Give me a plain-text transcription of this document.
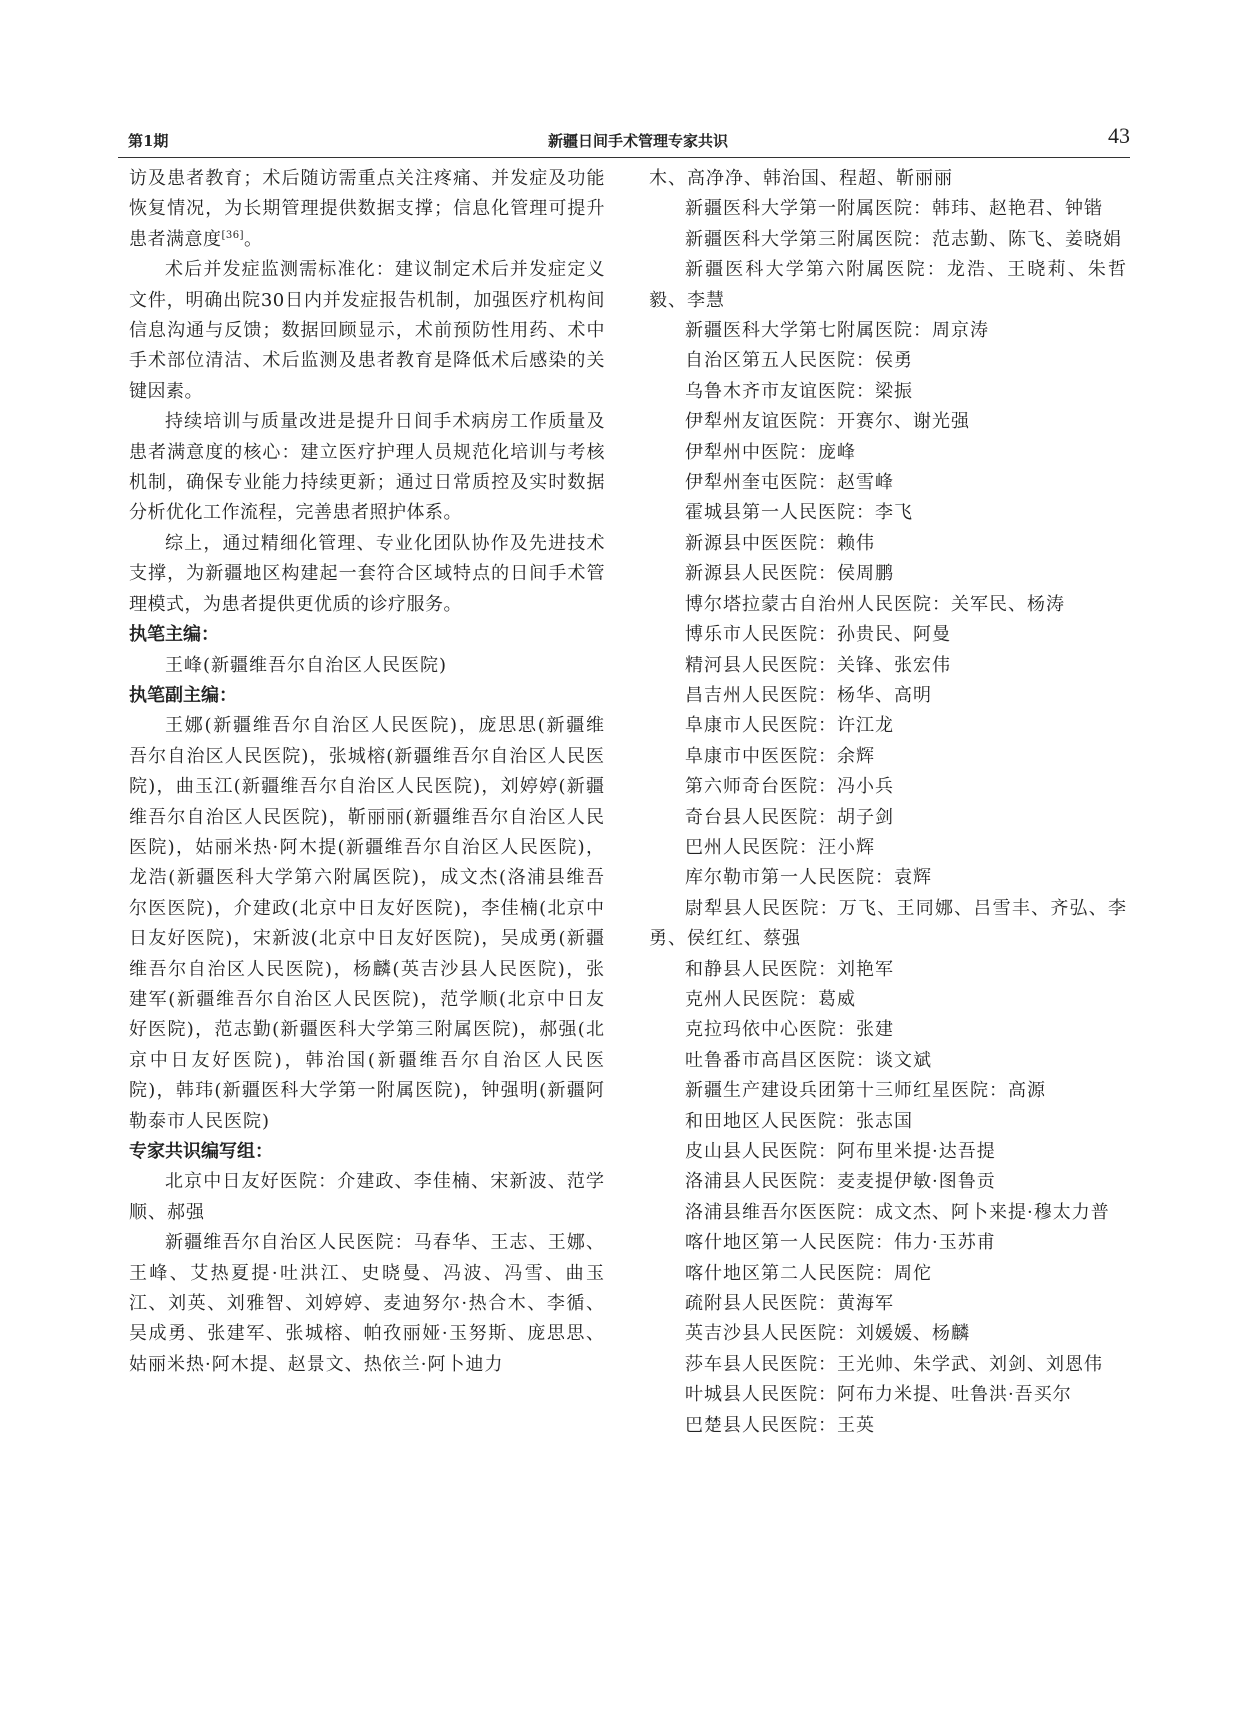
第1期	新疆日间手术管理专家共识	43

访及患者教育；术后随访需重点关注疼痛、并发症及功能恢复情况，为长期管理提供数据支撑；信息化管理可提升患者满意度[36]。

术后并发症监测需标准化：建议制定术后并发症定义文件，明确出院30日内并发症报告机制，加强医疗机构间信息沟通与反馈；数据回顾显示，术前预防性用药、术中手术部位清洁、术后监测及患者教育是降低术后感染的关键因素。

持续培训与质量改进是提升日间手术病房工作质量及患者满意度的核心：建立医疗护理人员规范化培训与考核机制，确保专业能力持续更新；通过日常质控及实时数据分析优化工作流程，完善患者照护体系。

综上，通过精细化管理、专业化团队协作及先进技术支撑，为新疆地区构建起一套符合区域特点的日间手术管理模式，为患者提供更优质的诊疗服务。

执笔主编：

王峰(新疆维吾尔自治区人民医院)

执笔副主编：

王娜(新疆维吾尔自治区人民医院)，庞思思(新疆维吾尔自治区人民医院)，张城榕(新疆维吾尔自治区人民医院)，曲玉江(新疆维吾尔自治区人民医院)，刘婷婷(新疆维吾尔自治区人民医院)，靳丽丽(新疆维吾尔自治区人民医院)，姑丽米热·阿木提(新疆维吾尔自治区人民医院)，龙浩(新疆医科大学第六附属医院)，成文杰(洛浦县维吾尔医医院)，介建政(北京中日友好医院)，李佳楠(北京中日友好医院)，宋新波(北京中日友好医院)，吴成勇(新疆维吾尔自治区人民医院)，杨麟(英吉沙县人民医院)，张建军(新疆维吾尔自治区人民医院)，范学顺(北京中日友好医院)，范志勤(新疆医科大学第三附属医院)，郝强(北京中日友好医院)，韩治国(新疆维吾尔自治区人民医院)，韩玮(新疆医科大学第一附属医院)，钟强明(新疆阿勒泰市人民医院)

专家共识编写组：

北京中日友好医院：介建政、李佳楠、宋新波、范学顺、郝强

新疆维吾尔自治区人民医院：马春华、王志、王娜、王峰、艾热夏提·吐洪江、史晓曼、冯波、冯雪、曲玉江、刘英、刘雅智、刘婷婷、麦迪努尔·热合木、李循、吴成勇、张建军、张城榕、帕孜丽娅·玉努斯、庞思思、姑丽米热·阿木提、赵景文、热依兰·阿卜迪力

木、高净净、韩治国、程超、靳丽丽

新疆医科大学第一附属医院：韩玮、赵艳君、钟锴

新疆医科大学第三附属医院：范志勤、陈飞、姜晓娟

新疆医科大学第六附属医院：龙浩、王晓莉、朱哲毅、李慧

新疆医科大学第七附属医院：周京涛

自治区第五人民医院：侯勇

乌鲁木齐市友谊医院：梁振

伊犁州友谊医院：开赛尔、谢光强

伊犁州中医院：庞峰

伊犁州奎屯医院：赵雪峰

霍城县第一人民医院：李飞

新源县中医医院：赖伟

新源县人民医院：侯周鹏

博尔塔拉蒙古自治州人民医院：关军民、杨涛

博乐市人民医院：孙贵民、阿曼

精河县人民医院：关锋、张宏伟

昌吉州人民医院：杨华、高明

阜康市人民医院：许江龙

阜康市中医医院：余辉

第六师奇台医院：冯小兵

奇台县人民医院：胡子剑

巴州人民医院：汪小辉

库尔勒市第一人民医院：袁辉

尉犁县人民医院：万飞、王同娜、吕雪丰、齐弘、李勇、侯红红、蔡强

和静县人民医院：刘艳军

克州人民医院：葛威

克拉玛依中心医院：张建

吐鲁番市高昌区医院：谈文斌

新疆生产建设兵团第十三师红星医院：高源

和田地区人民医院：张志国

皮山县人民医院：阿布里米提·达吾提

洛浦县人民医院：麦麦提伊敏·图鲁贡

洛浦县维吾尔医医院：成文杰、阿卜来提·穆太力普

喀什地区第一人民医院：伟力·玉苏甫

喀什地区第二人民医院：周佗

疏附县人民医院：黄海军

英吉沙县人民医院：刘媛媛、杨麟

莎车县人民医院：王光帅、朱学武、刘剑、刘恩伟

叶城县人民医院：阿布力米提、吐鲁洪·吾买尔

巴楚县人民医院：王英
